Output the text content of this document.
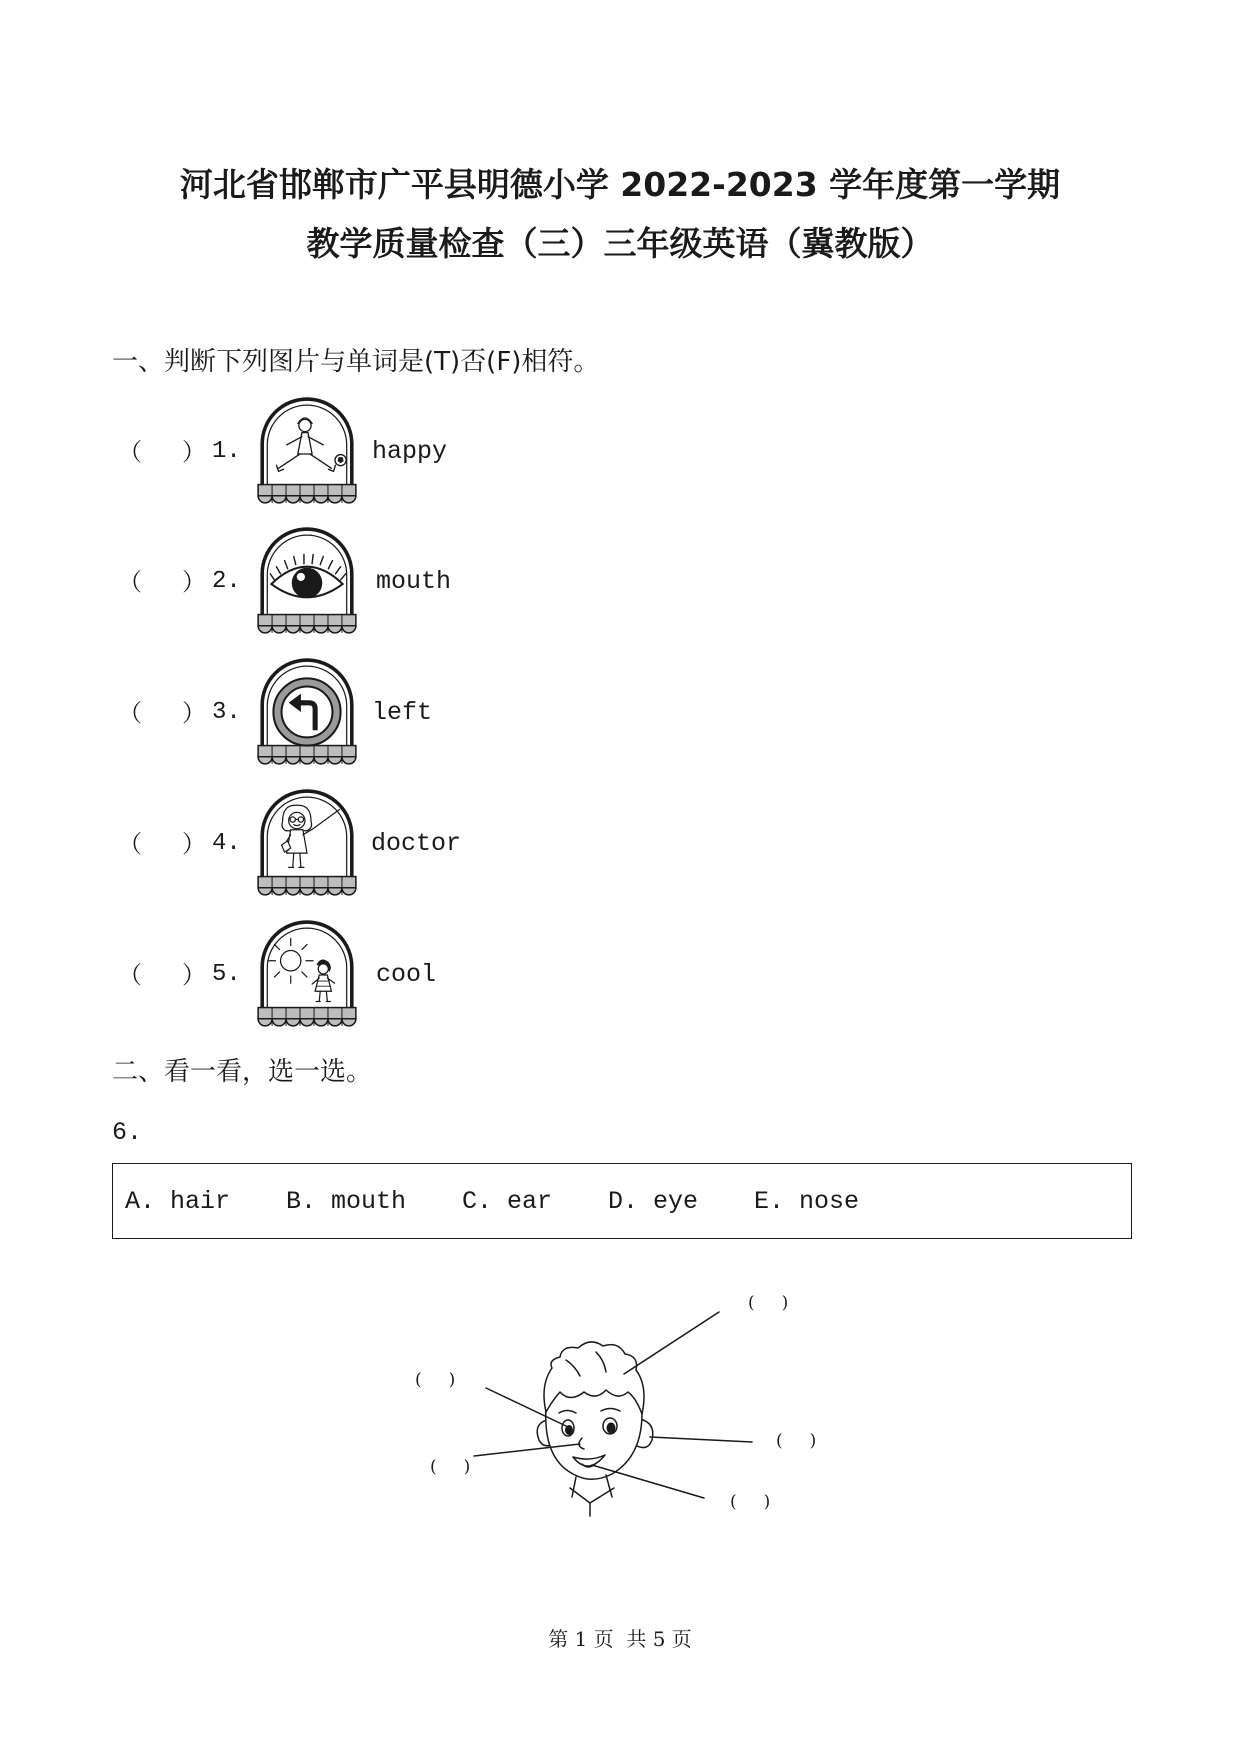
河北省邯郸市广平县明德小学 2022-2023 学年度第一学期
教学质量检查（三）三年级英语（冀教版）
一、判断下列图片与单词是(T)否(F)相符。
（ ） 1.	happy
（ ） 2.	mouth
（ ） 3.	left
（ ） 4.	doctor
（ ） 5.	cool
二、看一看，选一选。
6.
A. hair B. mouth C. ear D. eye E. nose
(     )
(     )
(     )
(     )
(     )
第 1 页  共 5 页
